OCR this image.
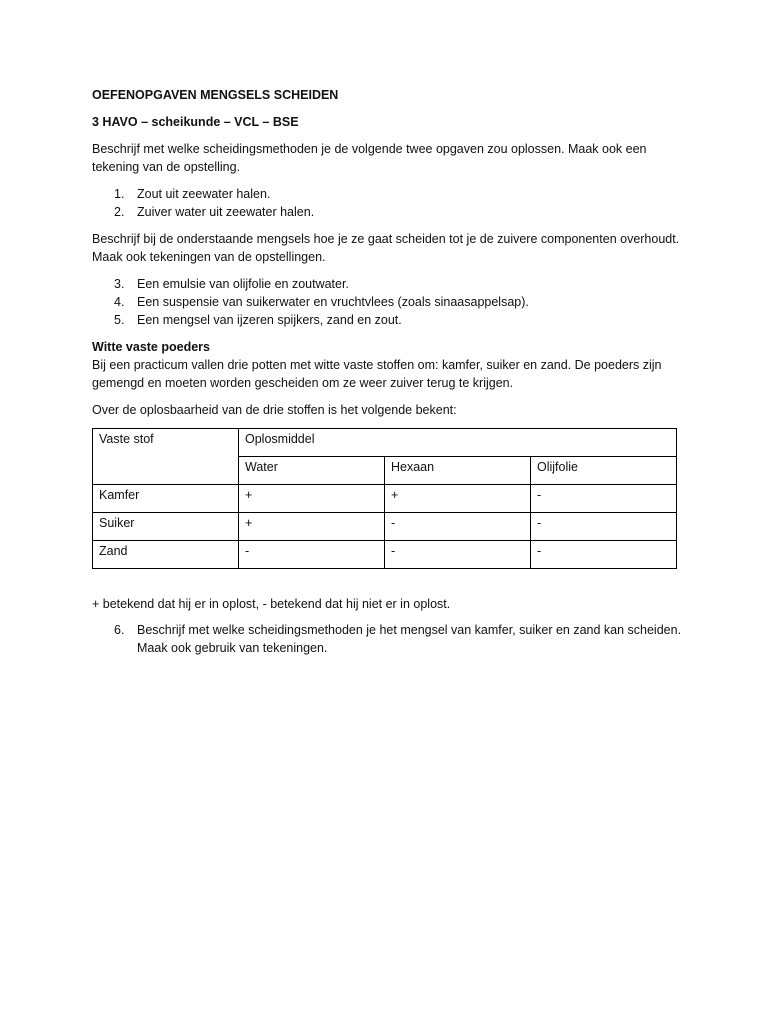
OEFENOPGAVEN MENGSELS SCHEIDEN

3 HAVO – scheikunde – VCL – BSE

Beschrijf met welke scheidingsmethoden je de volgende twee opgaven zou oplossen. Maak ook een tekening van de opstelling.

1. Zout uit zeewater halen.
2. Zuiver water uit zeewater halen.

Beschrijf bij de onderstaande mengsels hoe je ze gaat scheiden tot je de zuivere componenten overhoudt. Maak ook tekeningen van de opstellingen.

3. Een emulsie van olijfolie en zoutwater.
4. Een suspensie van suikerwater en vruchtvlees (zoals sinaasappelsap).
5. Een mengsel van ijzeren spijkers, zand en zout.

Witte vaste poeders

Bij een practicum vallen drie potten met witte vaste stoffen om: kamfer, suiker en zand. De poeders zijn gemengd en moeten worden gescheiden om ze weer zuiver terug te krijgen.

Over de oplosbaarheid van de drie stoffen is het volgende bekent:

Vaste stof	Oplosmiddel		
	Water	Hexaan	Olijfolie
Kamfer	+	+	-
Suiker	+	-	-
Zand	-	-	-

+ betekend dat hij er in oplost, - betekend dat hij niet er in oplost.

6. Beschrijf met welke scheidingsmethoden je het mengsel van kamfer, suiker en zand kan scheiden. Maak ook gebruik van tekeningen.
